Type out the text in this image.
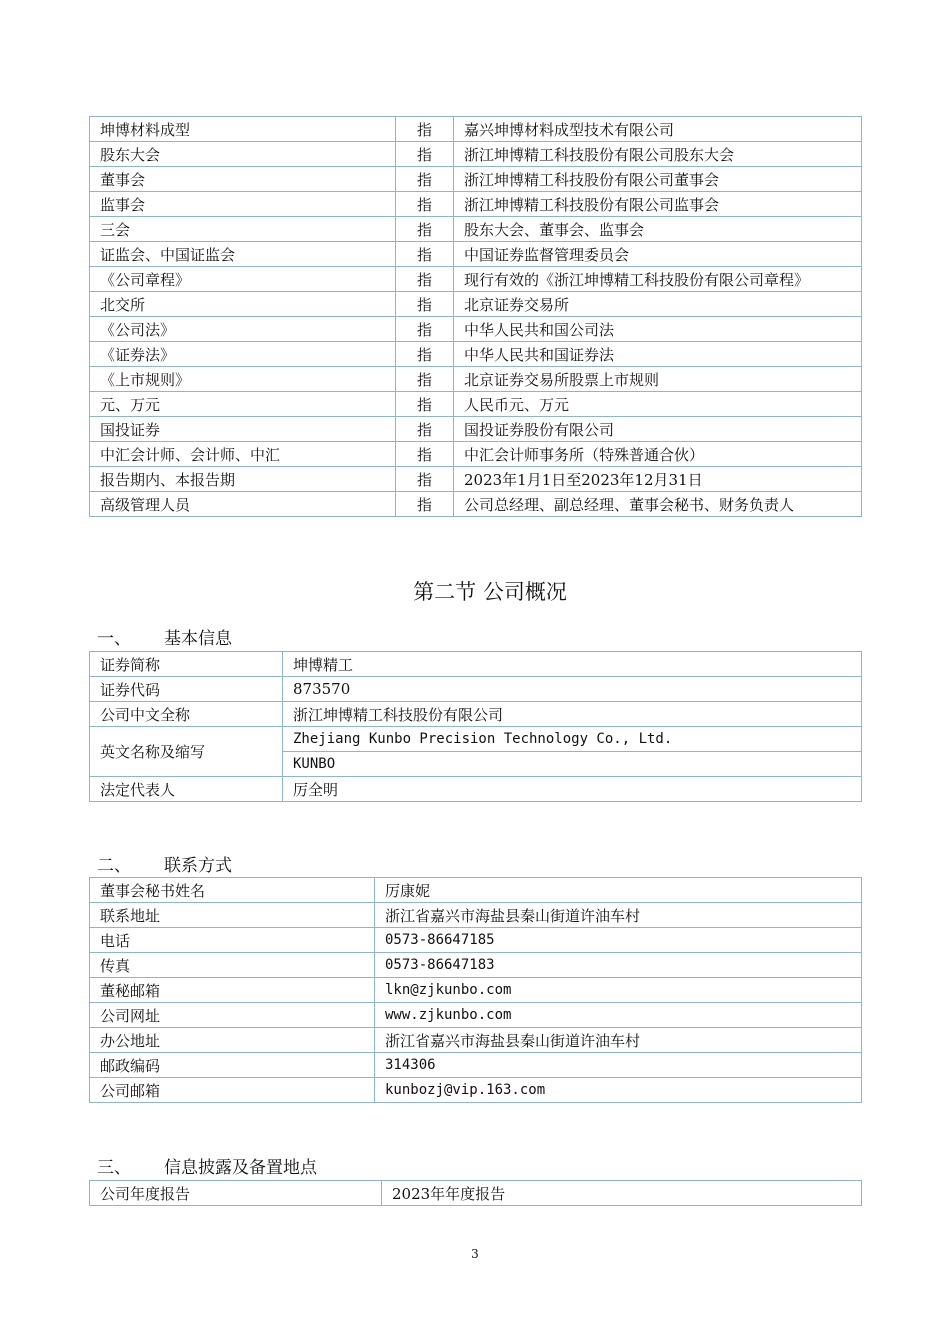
坤博材料成型	指	嘉兴坤博材料成型技术有限公司
股东大会	指	浙江坤博精工科技股份有限公司股东大会
董事会	指	浙江坤博精工科技股份有限公司董事会
监事会	指	浙江坤博精工科技股份有限公司监事会
三会	指	股东大会、董事会、监事会
证监会、中国证监会	指	中国证券监督管理委员会
《公司章程》	指	现行有效的《浙江坤博精工科技股份有限公司章程》
北交所	指	北京证券交易所
《公司法》	指	中华人民共和国公司法
《证券法》	指	中华人民共和国证券法
《上市规则》	指	北京证券交易所股票上市规则
元、万元	指	人民币元、万元
国投证券	指	国投证券股份有限公司
中汇会计师、会计师、中汇	指	中汇会计师事务所（特殊普通合伙）
报告期内、本报告期	指	2023年1月1日至2023年12月31日
高级管理人员	指	公司总经理、副总经理、董事会秘书、财务负责人
第二节 公司概况
一、 基本信息
证券简称	坤博精工
证券代码	873570
公司中文全称	浙江坤博精工科技股份有限公司
英文名称及缩写	Zhejiang Kunbo Precision Technology Co., Ltd.
	KUNBO
法定代表人	厉全明
二、 联系方式
董事会秘书姓名	厉康妮
联系地址	浙江省嘉兴市海盐县秦山街道许油车村
电话	0573-86647185
传真	0573-86647183
董秘邮箱	lkn@zjkunbo.com
公司网址	www.zjkunbo.com
办公地址	浙江省嘉兴市海盐县秦山街道许油车村
邮政编码	314306
公司邮箱	kunbozj@vip.163.com
三、 信息披露及备置地点
公司年度报告	2023年年度报告
3
